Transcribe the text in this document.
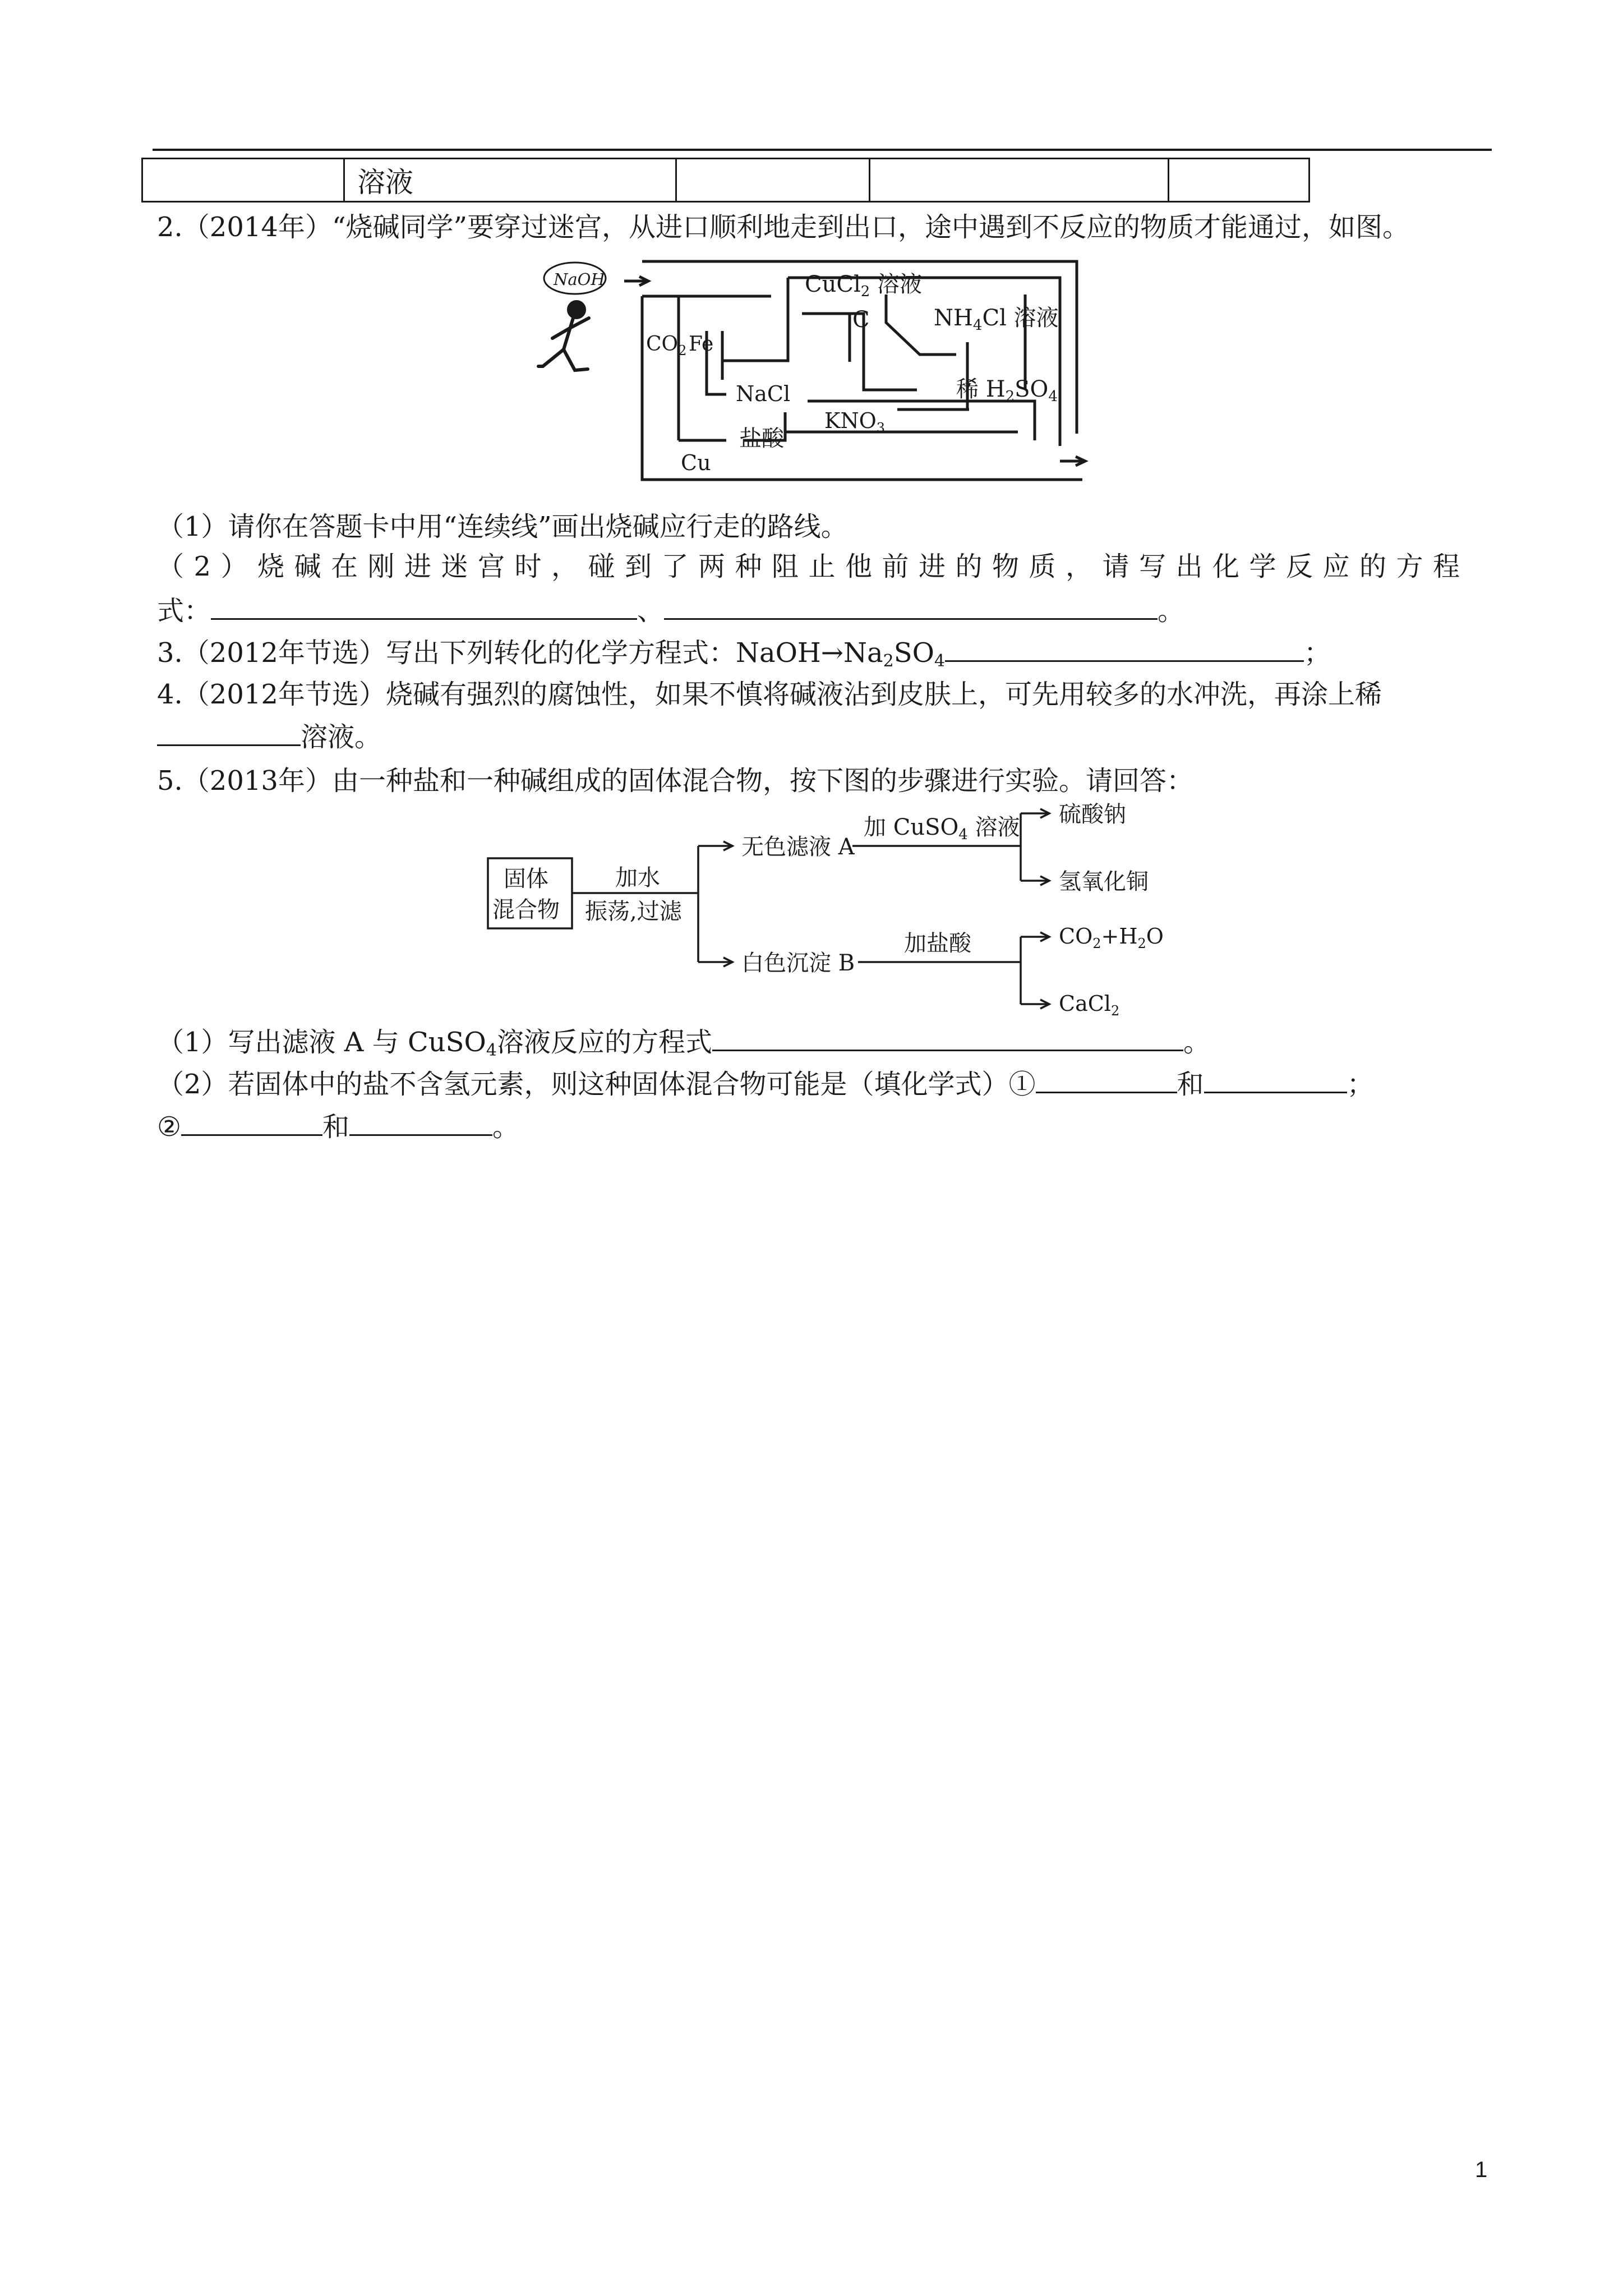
	溶液			
2.（2014年）“烧碱同学”要穿过迷宫，从进口顺利地走到出口，途中遇到不反应的物质才能通过，如图。
NaOH	CuCl$_2$ 溶液
C	$NH_4Cl$ 溶液
$CO_2$ Fe
NaCl	稀 $H_2SO_4$
$KNO_3$
盐酸
Cu
（1）请你在答题卡中用“连续线”画出烧碱应行走的路线。
（2）烧碱在刚进迷宫时，碰到了两种阻止他前进的物质，请写出化学反应的方程
式：	、	。
3.（2012年节选）写出下列转化的化学方程式：$NaOH\to Na_2SO_4$	；
4.（2012年节选）烧碱有强烈的腐蚀性，如果不慎将碱液沾到皮肤上，可先用较多的水冲洗，再涂上稀
溶液。
5.（2013年）由一种盐和一种碱组成的固体混合物，按下图的步骤进行实验。请回答：
固体
混合物
加水
振荡,过滤
无色滤液 A
加 CuSO$_4$ 溶液 硫酸钠
氢氧化铜
白色沉淀 B
加盐酸	$CO_2+H_2O$
CaCl$_2$
（1）写出滤液 A 与 CuSO$_4$溶液反应的方程式	。
（2）若固体中的盐不含氢元素，则这种固体混合物可能是（填化学式）①	和	；
②	和	。
1
